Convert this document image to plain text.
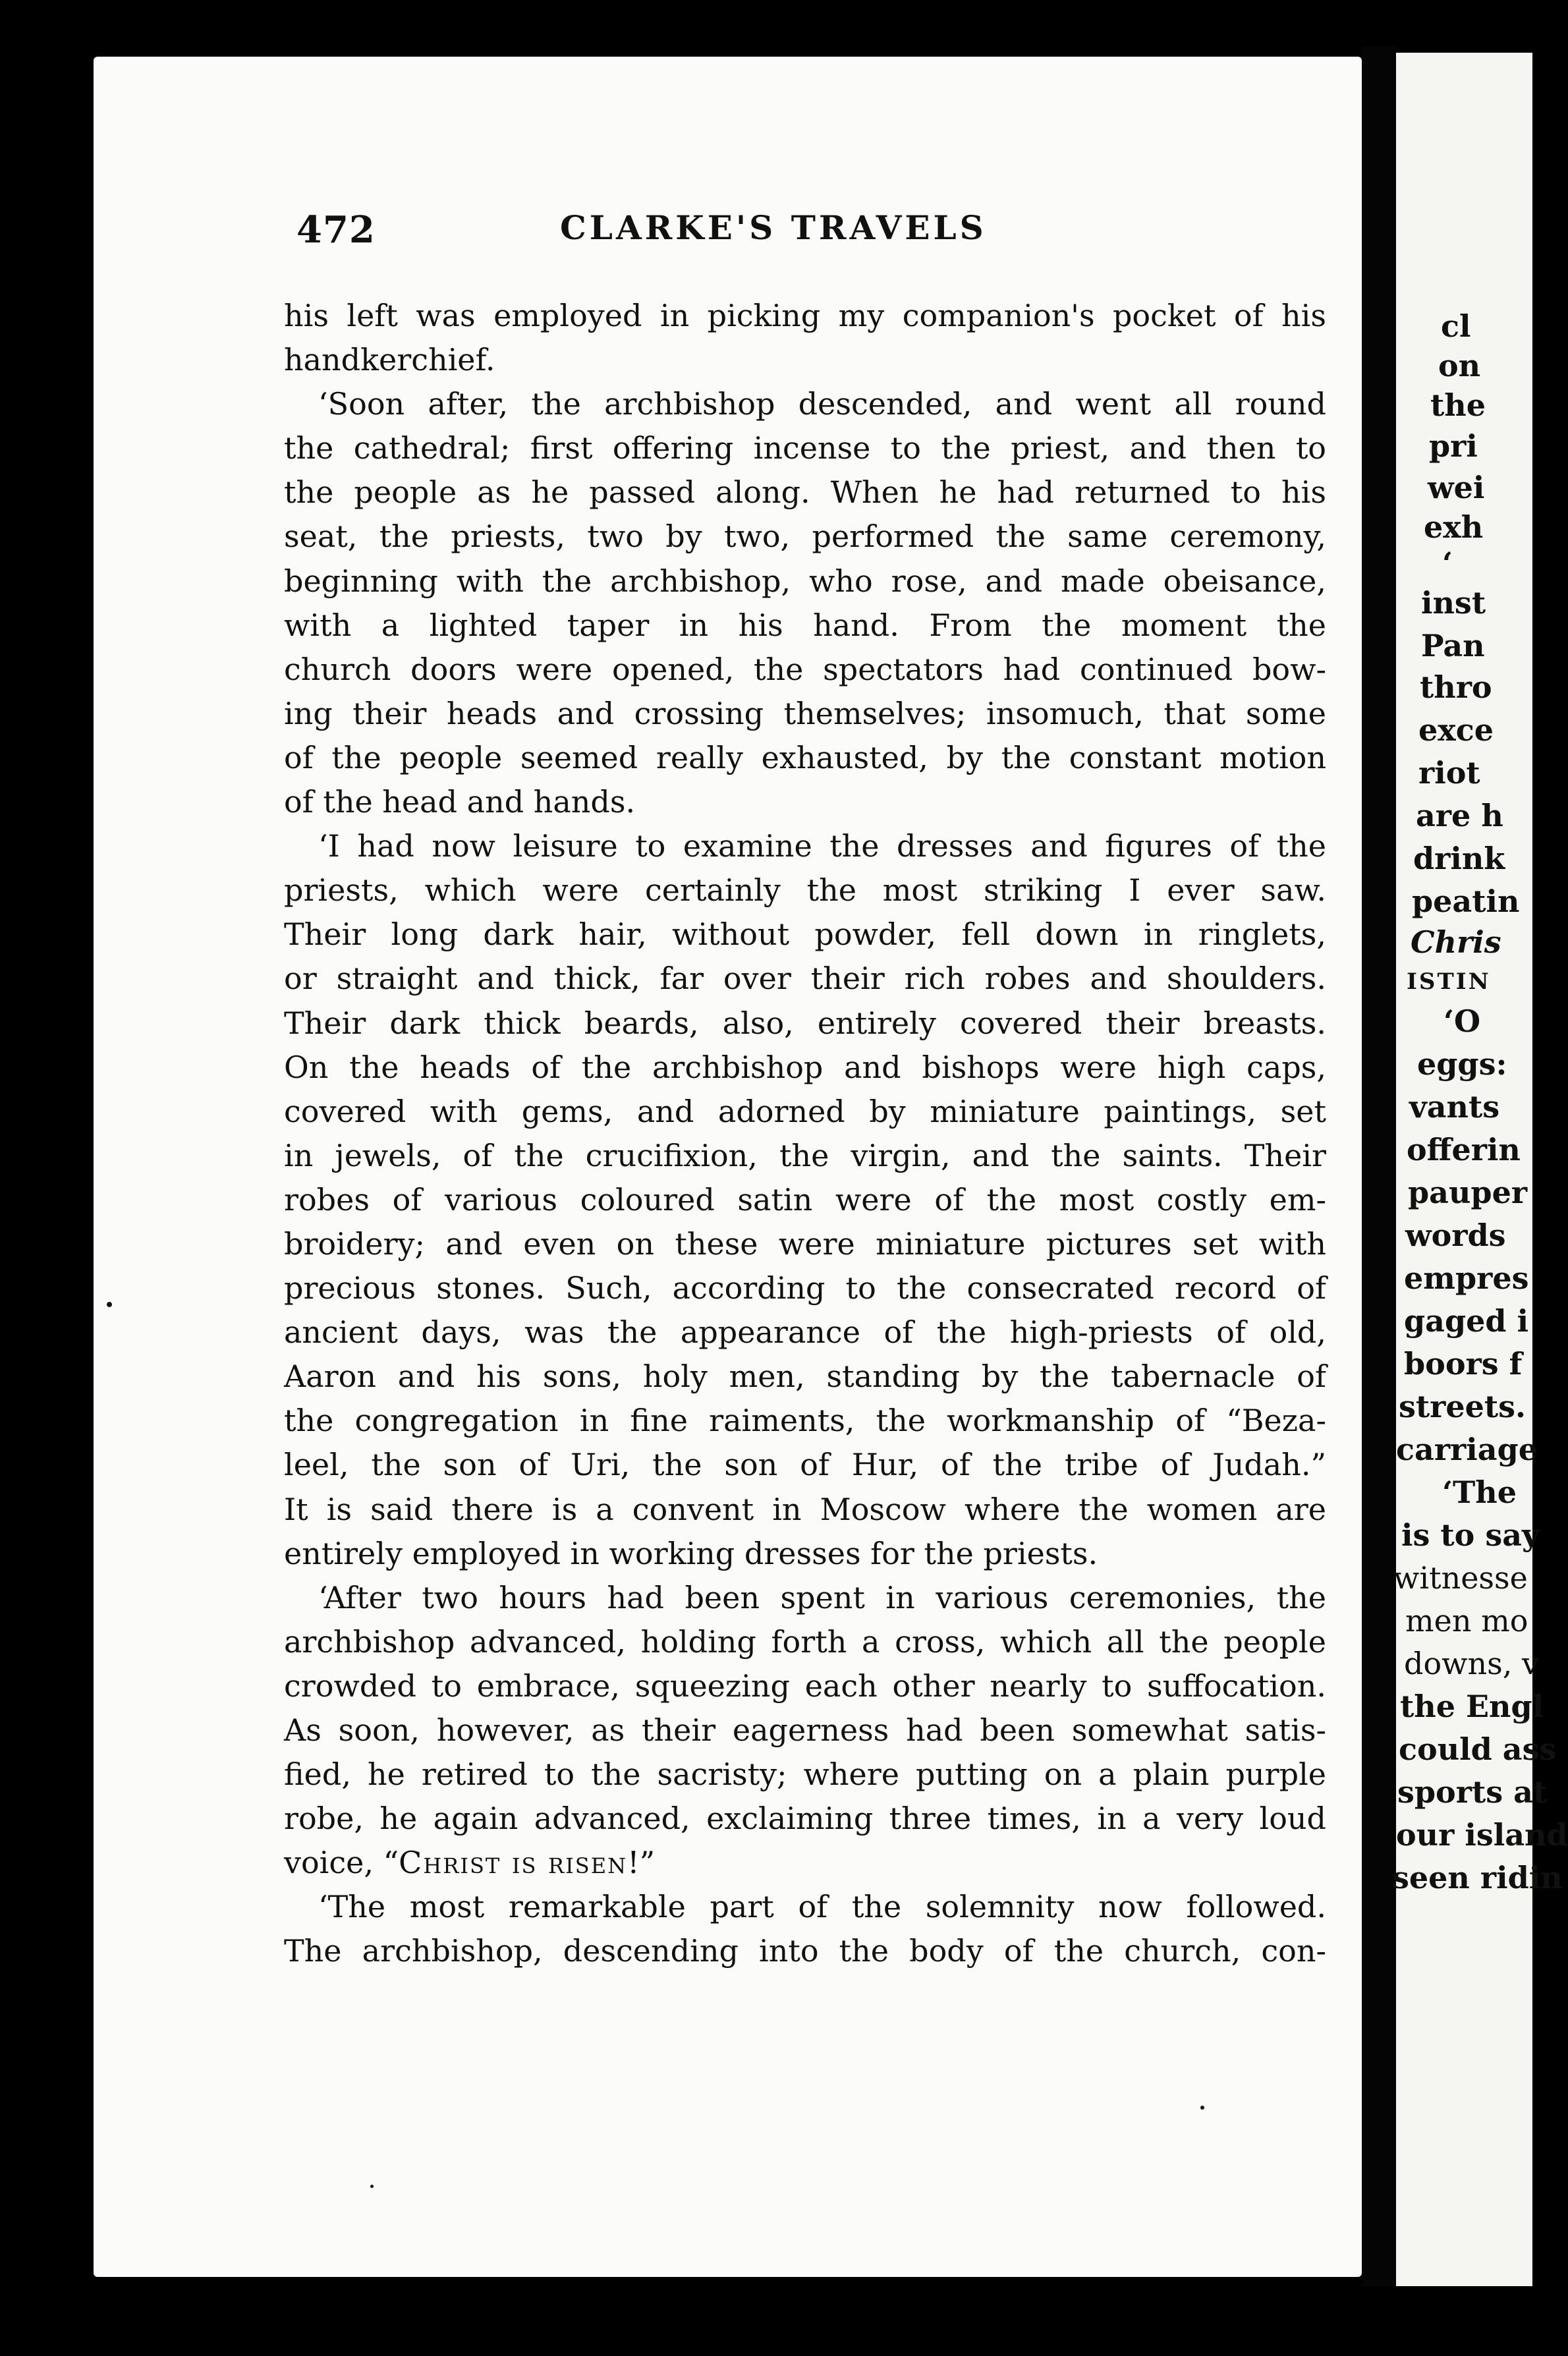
472	CLARKE'S TRAVELS
his left was employed in picking my companion's pocket of his
handkerchief.
‘Soon after, the archbishop descended, and went all round
the cathedral; first offering incense to the priest, and then to
the people as he passed along. When he had returned to his
seat, the priests, two by two, performed the same ceremony,
beginning with the archbishop, who rose, and made obeisance,
with a lighted taper in his hand. From the moment the
church doors were opened, the spectators had continued bow-
ing their heads and crossing themselves; insomuch, that some
of the people seemed really exhausted, by the constant motion
of the head and hands.
‘I had now leisure to examine the dresses and figures of the
priests, which were certainly the most striking I ever saw.
Their long dark hair, without powder, fell down in ringlets,
or straight and thick, far over their rich robes and shoulders.
Their dark thick beards, also, entirely covered their breasts.
On the heads of the archbishop and bishops were high caps,
covered with gems, and adorned by miniature paintings, set
in jewels, of the crucifixion, the virgin, and the saints. Their
robes of various coloured satin were of the most costly em-
broidery; and even on these were miniature pictures set with
precious stones. Such, according to the consecrated record of
ancient days, was the appearance of the high-priests of old,
Aaron and his sons, holy men, standing by the tabernacle of
the congregation in fine raiments, the workmanship of “Beza-
leel, the son of Uri, the son of Hur, of the tribe of Judah.”
It is said there is a convent in Moscow where the women are
entirely employed in working dresses for the priests.
‘After two hours had been spent in various ceremonies, the
archbishop advanced, holding forth a cross, which all the people
crowded to embrace, squeezing each other nearly to suffocation.
As soon, however, as their eagerness had been somewhat satis-
fied, he retired to the sacristy; where putting on a plain purple
robe, he again advanced, exclaiming three times, in a very loud
voice, “Christ is risen!”
‘The most remarkable part of the solemnity now followed.
The archbishop, descending into the body of the church, con-
cl
on
the
pri
wei
exh
‘
inst
Pan
thro
exce
riot
are h
drink
peatin
Chris
ISTIN
‘O
eggs:
vants
offerin
pauper
words
empres
gaged i
boors f
streets.
carriage
‘The
is to say
witnesse
men mo
downs, v
the Engl
could ass
sports at
our island
seen ridin
